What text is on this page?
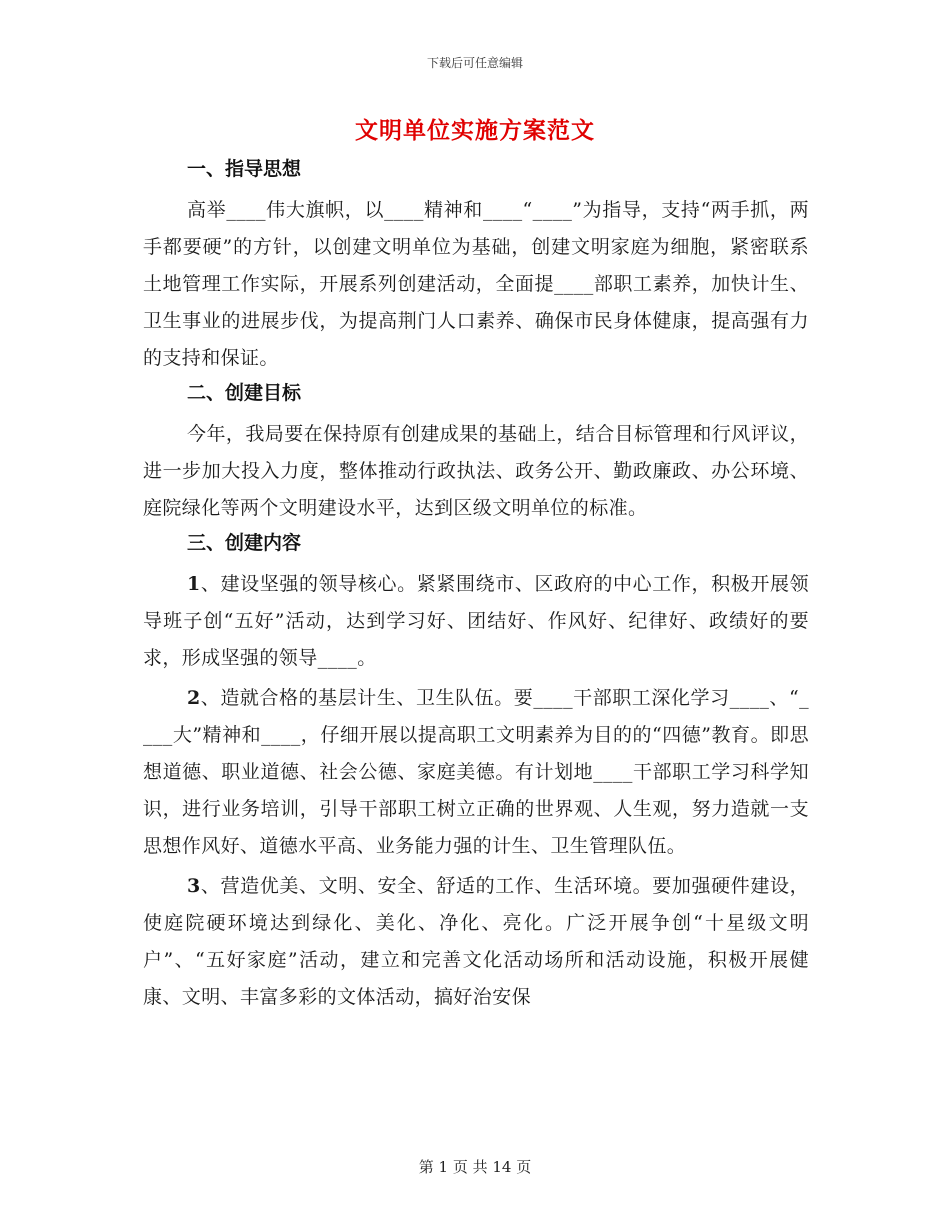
下载后可任意编辑
文明单位实施方案范文
一、指导思想

高举____伟大旗帜，以____精神和____“____”为指导，支持“两手抓，两手都要硬”的方针，以创建文明单位为基础，创建文明家庭为细胞，紧密联系土地管理工作实际，开展系列创建活动，全面提____部职工素养，加快计生、卫生事业的进展步伐，为提高荆门人口素养、确保市民身体健康，提高强有力的支持和保证。

二、创建目标

今年，我局要在保持原有创建成果的基础上，结合目标管理和行风评议，进一步加大投入力度，整体推动行政执法、政务公开、勤政廉政、办公环境、庭院绿化等两个文明建设水平，达到区级文明单位的标准。

三、创建内容

1、建设坚强的领导核心。紧紧围绕市、区政府的中心工作，积极开展领导班子创“五好”活动，达到学习好、团结好、作风好、纪律好、政绩好的要求，形成坚强的领导____。

2、造就合格的基层计生、卫生队伍。要____干部职工深化学习____、“____大”精神和____，仔细开展以提高职工文明素养为目的的“四德”教育。即思想道德、职业道德、社会公德、家庭美德。有计划地____干部职工学习科学知识，进行业务培训，引导干部职工树立正确的世界观、人生观，努力造就一支思想作风好、道德水平高、业务能力强的计生、卫生管理队伍。

3、营造优美、文明、安全、舒适的工作、生活环境。要加强硬件建设，使庭院硬环境达到绿化、美化、净化、亮化。广泛开展争创“十星级文明户”、“五好家庭”活动，建立和完善文化活动场所和活动设施，积极开展健康、文明、丰富多彩的文体活动，搞好治安保

第 1 页 共 14 页
